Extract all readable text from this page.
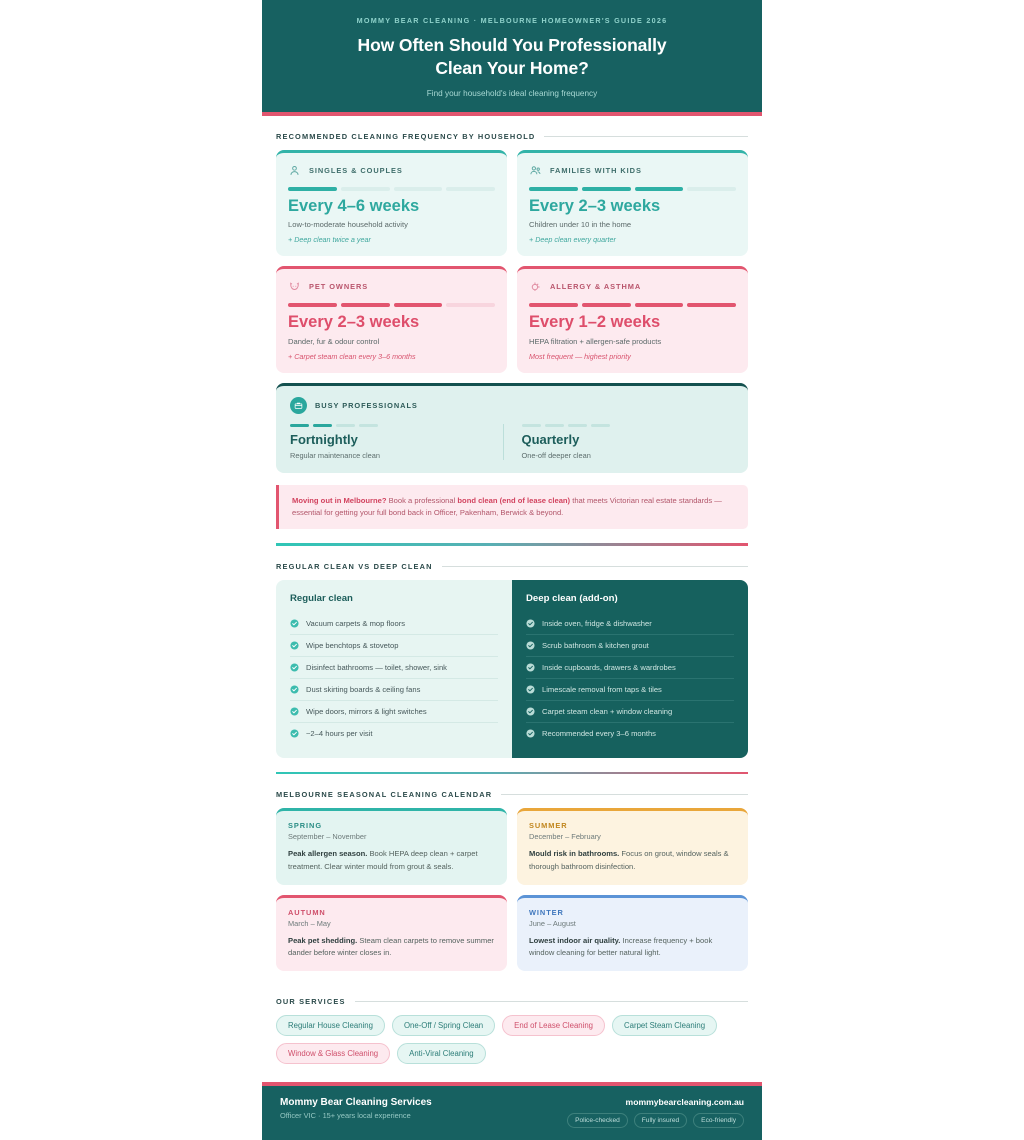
MOMMY BEAR CLEANING · MELBOURNE HOMEOWNER'S GUIDE 2026
How Often Should You Professionally
Clean Your Home?
Find your household's ideal cleaning frequency
RECOMMENDED CLEANING FREQUENCY BY HOUSEHOLD
SINGLES & COUPLES
Every 4–6 weeks
Low-to-moderate household activity
+ Deep clean twice a year
FAMILIES WITH KIDS
Every 2–3 weeks
Children under 10 in the home
+ Deep clean every quarter
PET OWNERS
Every 2–3 weeks
Dander, fur & odour control
+ Carpet steam clean every 3–6 months
ALLERGY & ASTHMA
Every 1–2 weeks
HEPA filtration + allergen-safe products
Most frequent — highest priority
BUSY PROFESSIONALS
Fortnightly
Regular maintenance clean
Quarterly
One-off deeper clean
Moving out in Melbourne? Book a professional bond clean (end of lease clean) that meets Victorian real estate standards — essential for getting your full bond back in Officer, Pakenham, Berwick & beyond.
REGULAR CLEAN VS DEEP CLEAN
Regular clean
Vacuum carpets & mop floors
Wipe benchtops & stovetop
Disinfect bathrooms — toilet, shower, sink
Dust skirting boards & ceiling fans
Wipe doors, mirrors & light switches
~2–4 hours per visit
Deep clean (add-on)
Inside oven, fridge & dishwasher
Scrub bathroom & kitchen grout
Inside cupboards, drawers & wardrobes
Limescale removal from taps & tiles
Carpet steam clean + window cleaning
Recommended every 3–6 months
MELBOURNE SEASONAL CLEANING CALENDAR
SPRING
September – November
Peak allergen season. Book HEPA deep clean + carpet treatment. Clear winter mould from grout & seals.
SUMMER
December – February
Mould risk in bathrooms. Focus on grout, window seals & thorough bathroom disinfection.
AUTUMN
March – May
Peak pet shedding. Steam clean carpets to remove summer dander before winter closes in.
WINTER
June – August
Lowest indoor air quality. Increase frequency + book window cleaning for better natural light.
OUR SERVICES
Regular House Cleaning	One-Off / Spring Clean	End of Lease Cleaning	Carpet Steam Cleaning
Window & Glass Cleaning	Anti-Viral Cleaning
Mommy Bear Cleaning Services
Officer VIC · 15+ years local experience
mommybearcleaning.com.au
Police-checked	Fully insured	Eco-friendly
